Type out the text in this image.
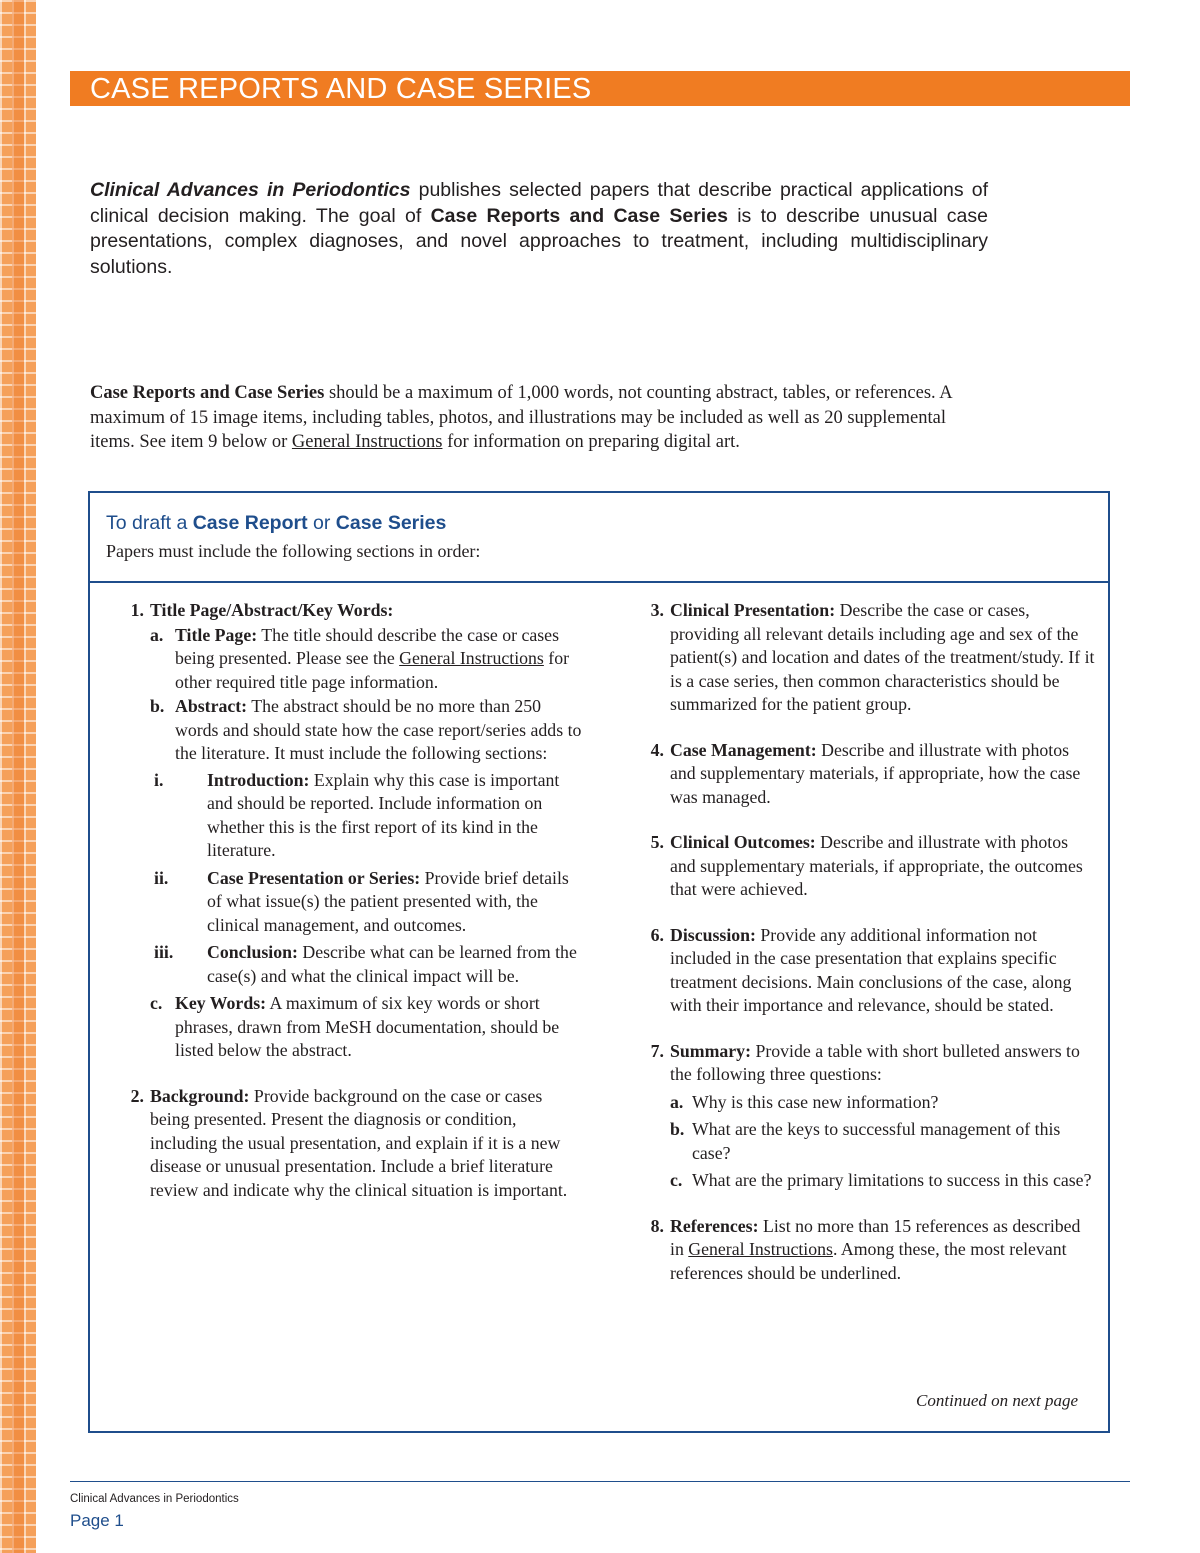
CASE REPORTS AND CASE SERIES

Clinical Advances in Periodontics publishes selected papers that describe practical applications of clinical decision making. The goal of Case Reports and Case Series is to describe unusual case presentations, complex diagnoses, and novel approaches to treatment, including multidisciplinary solutions.

Case Reports and Case Series should be a maximum of 1,000 words, not counting abstract, tables, or references. A maximum of 15 image items, including tables, photos, and illustrations may be included as well as 20 supplemental items. See item 9 below or General Instructions for information on preparing digital art.

To draft a Case Report or Case Series

Papers must include the following sections in order:

1. Title Page/Abstract/Key Words:
a. Title Page: The title should describe the case or cases being presented. Please see the General Instructions for other required title page information.
b. Abstract: The abstract should be no more than 250 words and should state how the case report/series adds to the literature. It must include the following sections:
i.	Introduction: Explain why this case is important and should be reported. Include information on whether this is the first report of its kind in the literature.
ii.	Case Presentation or Series: Provide brief details of what issue(s) the patient presented with, the clinical management, and outcomes.
iii.	Conclusion: Describe what can be learned from the case(s) and what the clinical impact will be.
c. Key Words: A maximum of six key words or short phrases, drawn from MeSH documentation, should be listed below the abstract.
2. Background: Provide background on the case or cases being presented. Present the diagnosis or condition, including the usual presentation, and explain if it is a new disease or unusual presentation. Include a brief literature review and indicate why the clinical situation is important.
3. Clinical Presentation: Describe the case or cases, providing all relevant details including age and sex of the patient(s) and location and dates of the treatment/study. If it is a case series, then common characteristics should be summarized for the patient group.
4. Case Management: Describe and illustrate with photos and supplementary materials, if appropriate, how the case was managed.
5. Clinical Outcomes: Describe and illustrate with photos and supplementary materials, if appropriate, the outcomes that were achieved.
6. Discussion: Provide any additional information not included in the case presentation that explains specific treatment decisions. Main conclusions of the case, along with their importance and relevance, should be stated.
7. Summary: Provide a table with short bulleted answers to the following three questions:
a. Why is this case new information?
b. What are the keys to successful management of this case?
c. What are the primary limitations to success in this case?
8. References: List no more than 15 references as described in General Instructions. Among these, the most relevant references should be underlined.

Continued on next page

Clinical Advances in Periodontics

Page 1
